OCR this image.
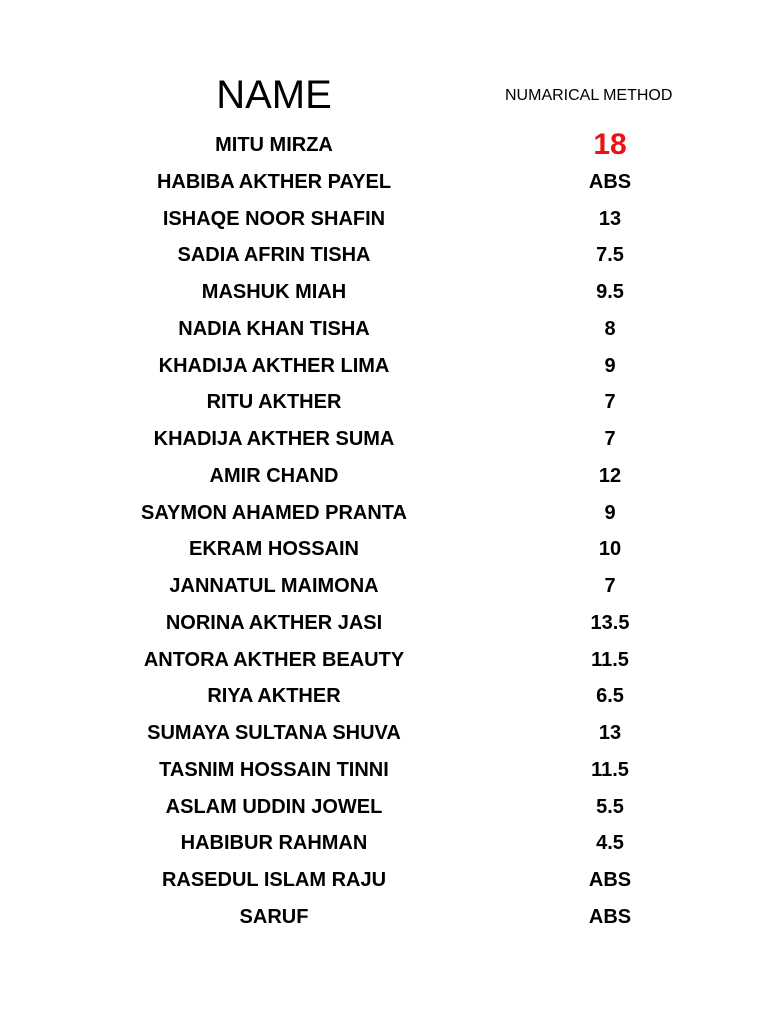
NAME	NUMARICAL METHOD
MITU MIRZA	18
HABIBA AKTHER PAYEL	ABS
ISHAQE NOOR SHAFIN	13
SADIA AFRIN TISHA	7.5
MASHUK MIAH	9.5
NADIA KHAN TISHA	8
KHADIJA AKTHER LIMA	9
RITU AKTHER	7
KHADIJA AKTHER SUMA	7
AMIR CHAND	12
SAYMON AHAMED PRANTA	9
EKRAM HOSSAIN	10
JANNATUL MAIMONA	7
NORINA AKTHER JASI	13.5
ANTORA AKTHER BEAUTY	11.5
RIYA AKTHER	6.5
SUMAYA SULTANA SHUVA	13
TASNIM HOSSAIN TINNI	11.5
ASLAM UDDIN JOWEL	5.5
HABIBUR RAHMAN	4.5
RASEDUL ISLAM RAJU	ABS
SARUF	ABS
